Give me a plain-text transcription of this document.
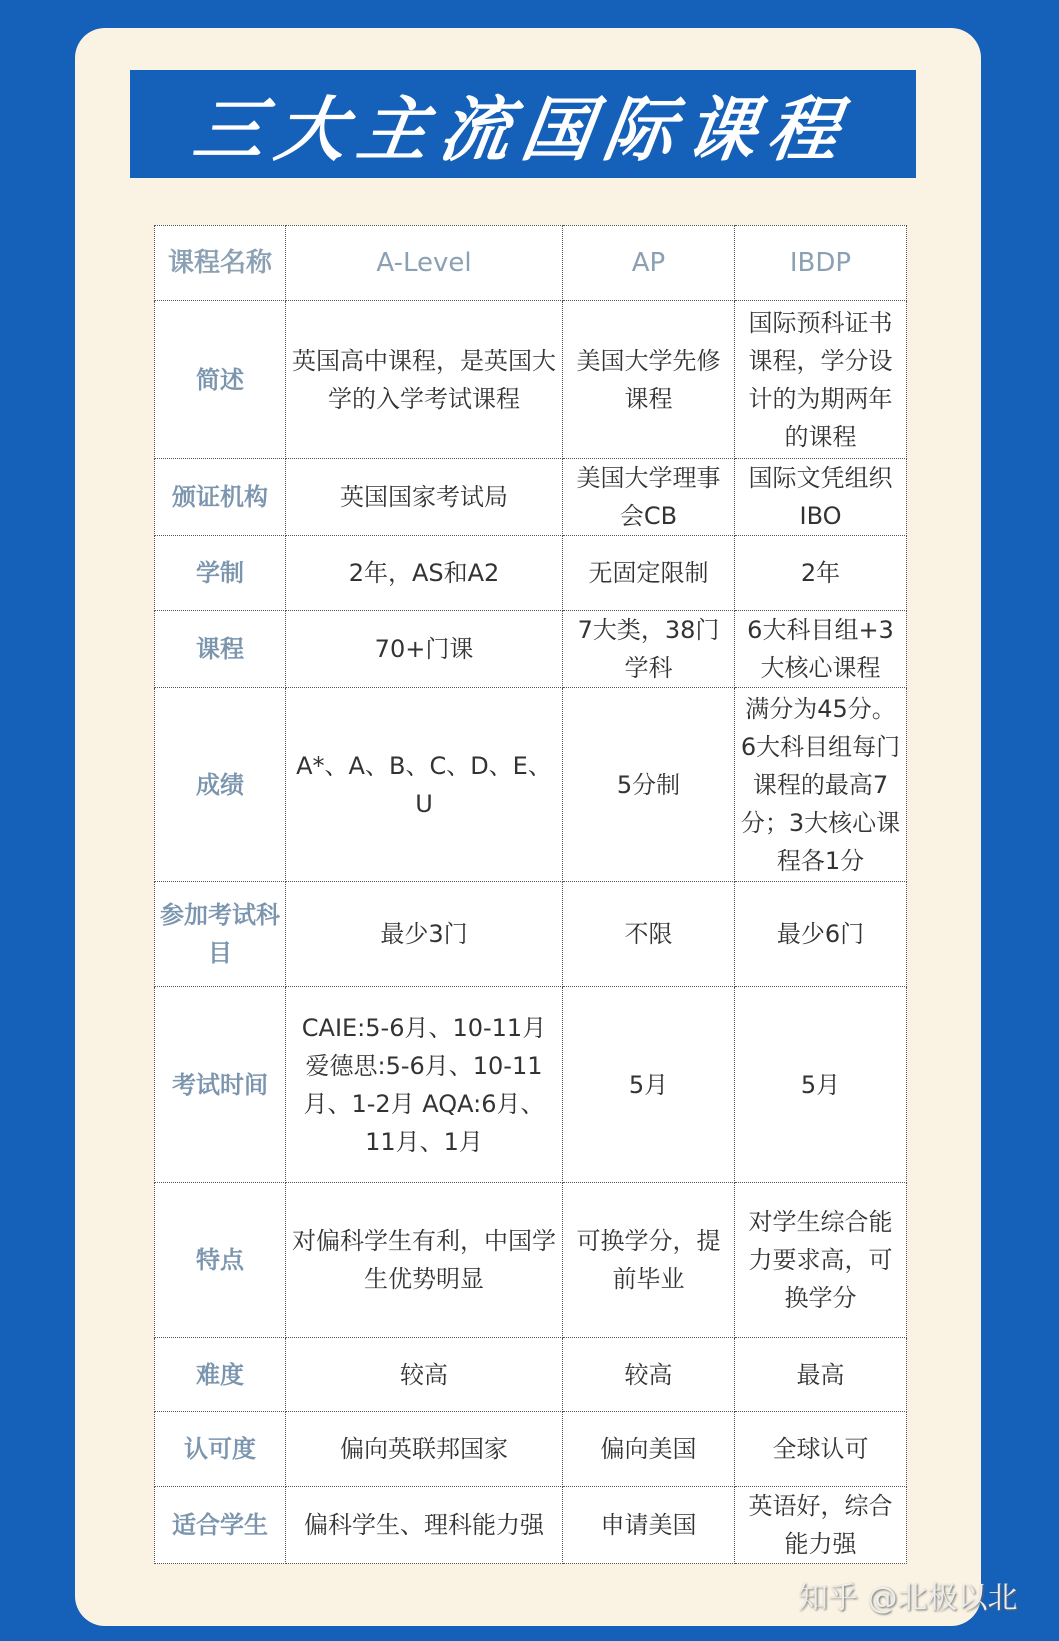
三大主流国际课程
课程名称	A-Level	AP	IBDP
简述	英国高中课程，是英国大学的入学考试课程	美国大学先修课程	国际预科证书课程，学分设计的为期两年的课程
颁证机构	英国国家考试局	美国大学理事会CB	国际文凭组织IBO
学制	2年，AS和A2	无固定限制	2年
课程	70+门课	7大类，38门学科	6大科目组+3大核心课程
成绩	A*、A、B、C、D、E、U	5分制	满分为45分。6大科目组每门课程的最高7分；3大核心课程各1分
参加考试科目	最少3门	不限	最少6门
考试时间	CAIE:5-6月、10-11月 爱德思:5-6月、10-11月、1-2月 AQA:6月、11月、1月	5月	5月
特点	对偏科学生有利，中国学生优势明显	可换学分，提前毕业	对学生综合能力要求高，可换学分
难度	较高	较高	最高
认可度	偏向英联邦国家	偏向美国	全球认可
适合学生	偏科学生、理科能力强	申请美国	英语好，综合能力强
知乎 @北极以北
